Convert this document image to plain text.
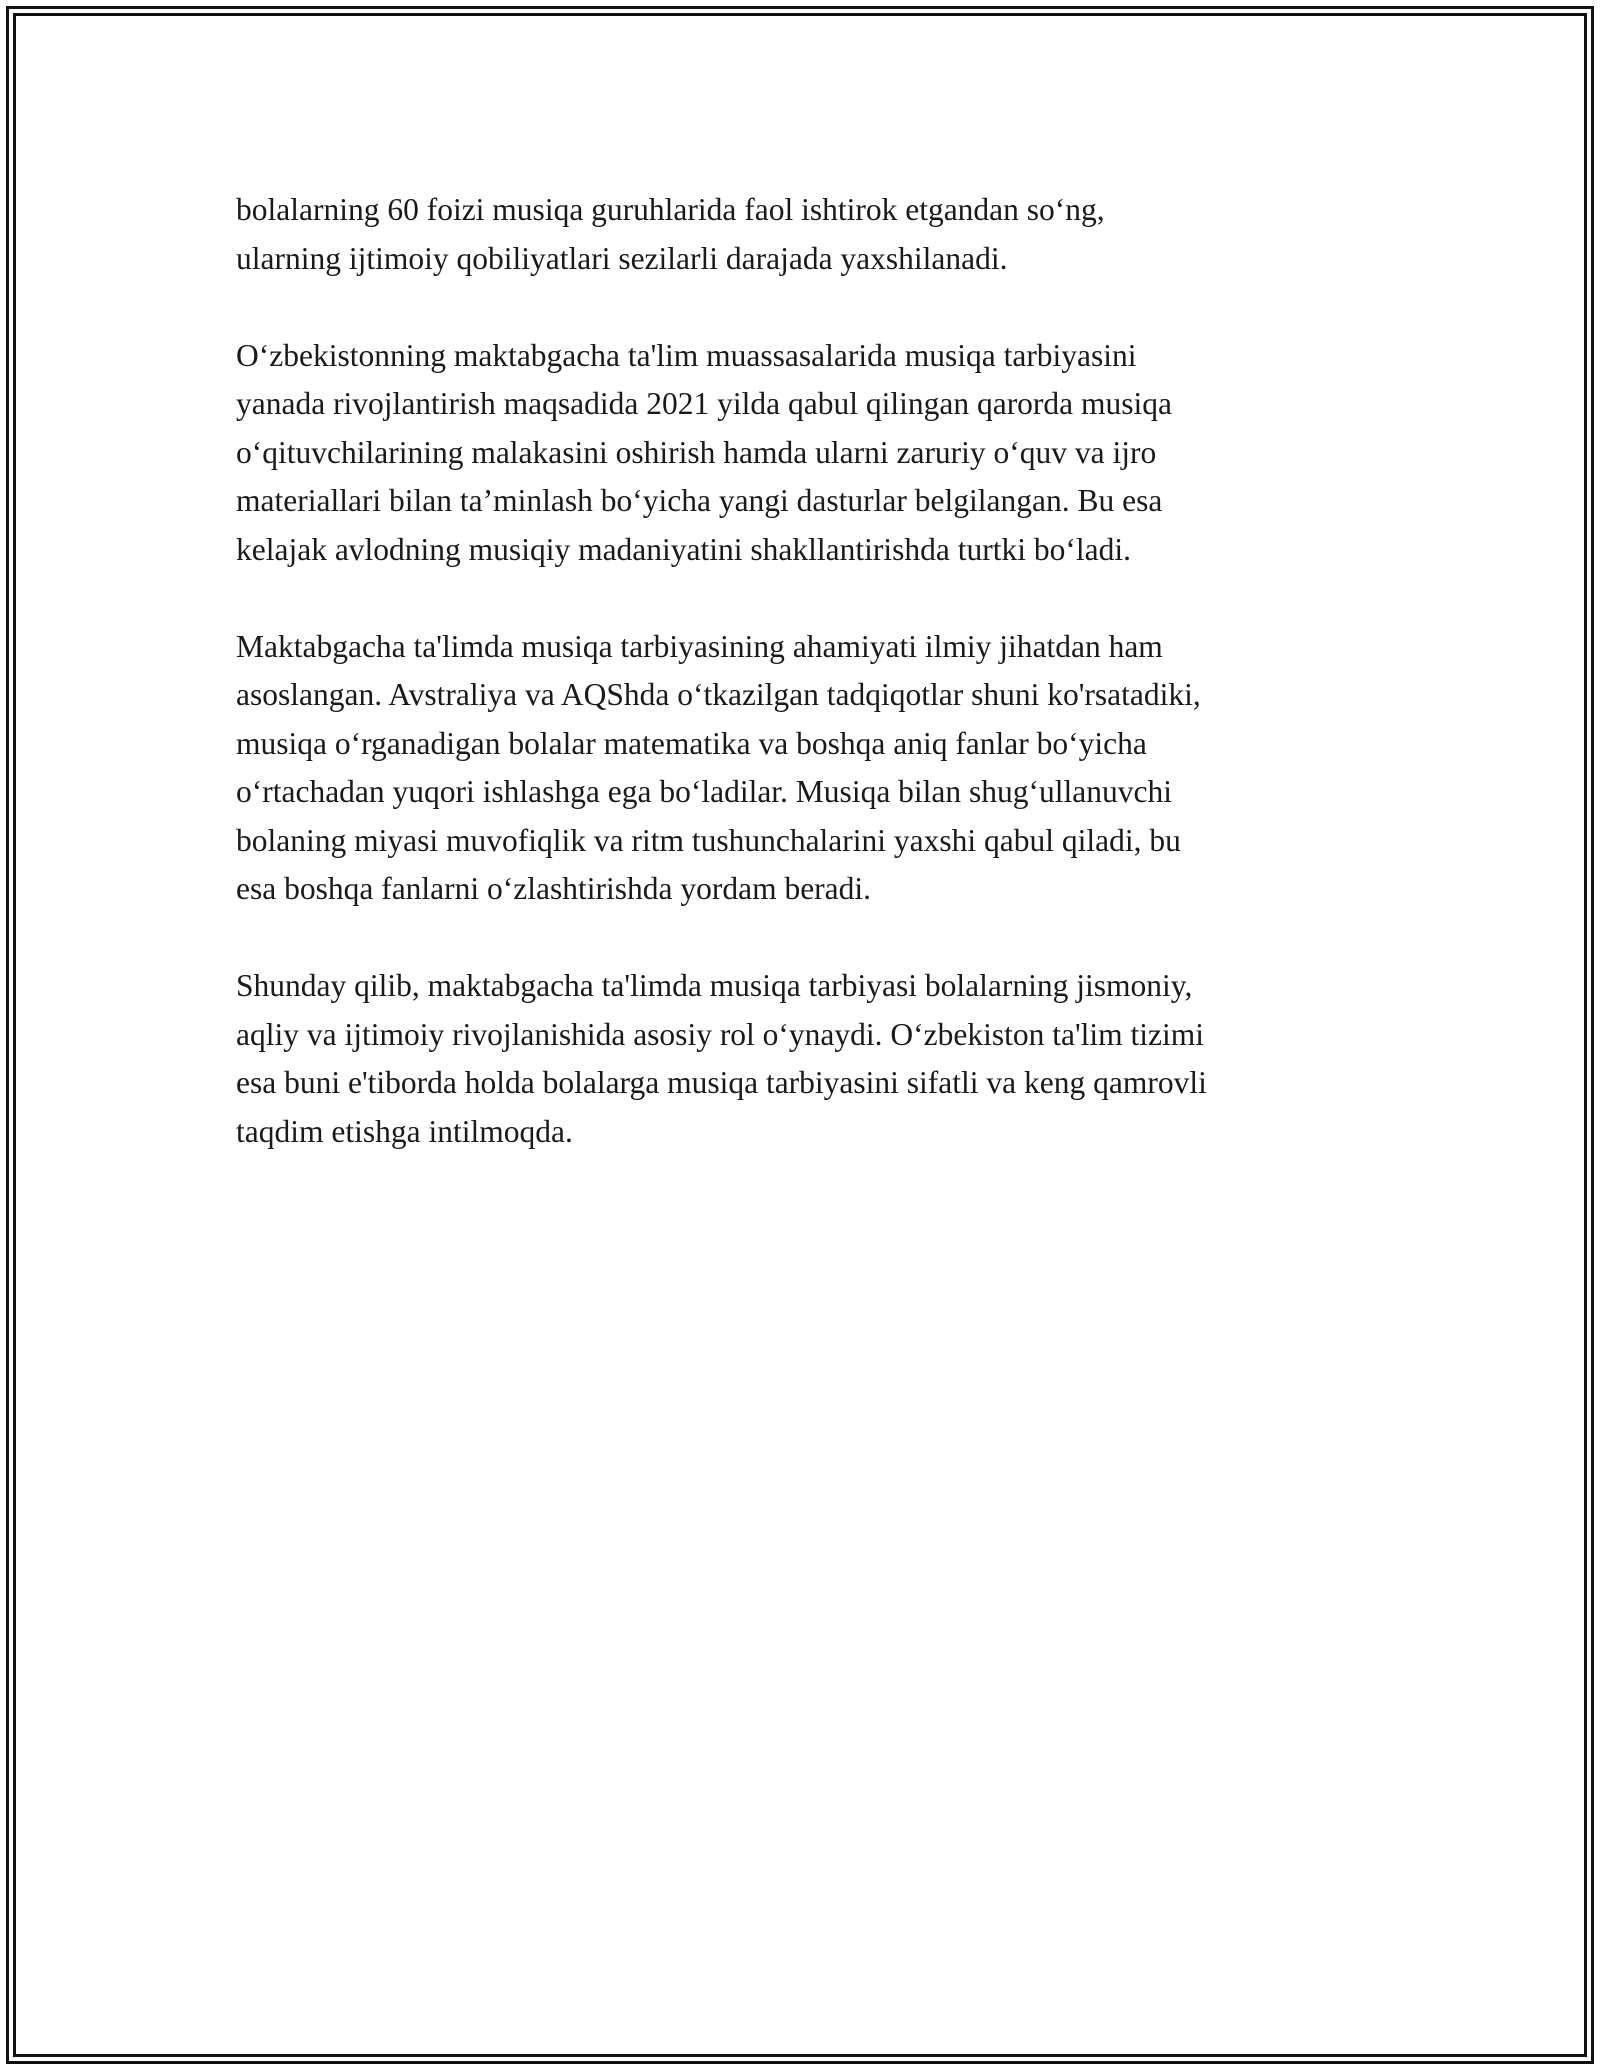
bolalarning 60 foizi musiqa guruhlarida faol ishtirok etgandan so‘ng,
ularning ijtimoiy qobiliyatlari sezilarli darajada yaxshilanadi.

O‘zbekistonning maktabgacha ta'lim muassasalarida musiqa tarbiyasini
yanada rivojlantirish maqsadida 2021 yilda qabul qilingan qarorda musiqa
o‘qituvchilarining malakasini oshirish hamda ularni zaruriy o‘quv va ijro
materiallari bilan ta’minlash bo‘yicha yangi dasturlar belgilangan. Bu esa
kelajak avlodning musiqiy madaniyatini shakllantirishda turtki bo‘ladi.

Maktabgacha ta'limda musiqa tarbiyasining ahamiyati ilmiy jihatdan ham
asoslangan. Avstraliya va AQShda o‘tkazilgan tadqiqotlar shuni ko'rsatadiki,
musiqa o‘rganadigan bolalar matematika va boshqa aniq fanlar bo‘yicha
o‘rtachadan yuqori ishlashga ega bo‘ladilar. Musiqa bilan shug‘ullanuvchi
bolaning miyasi muvofiqlik va ritm tushunchalarini yaxshi qabul qiladi, bu
esa boshqa fanlarni o‘zlashtirishda yordam beradi.

Shunday qilib, maktabgacha ta'limda musiqa tarbiyasi bolalarning jismoniy,
aqliy va ijtimoiy rivojlanishida asosiy rol o‘ynaydi. O‘zbekiston ta'lim tizimi
esa buni e'tiborda holda bolalarga musiqa tarbiyasini sifatli va keng qamrovli
taqdim etishga intilmoqda.
